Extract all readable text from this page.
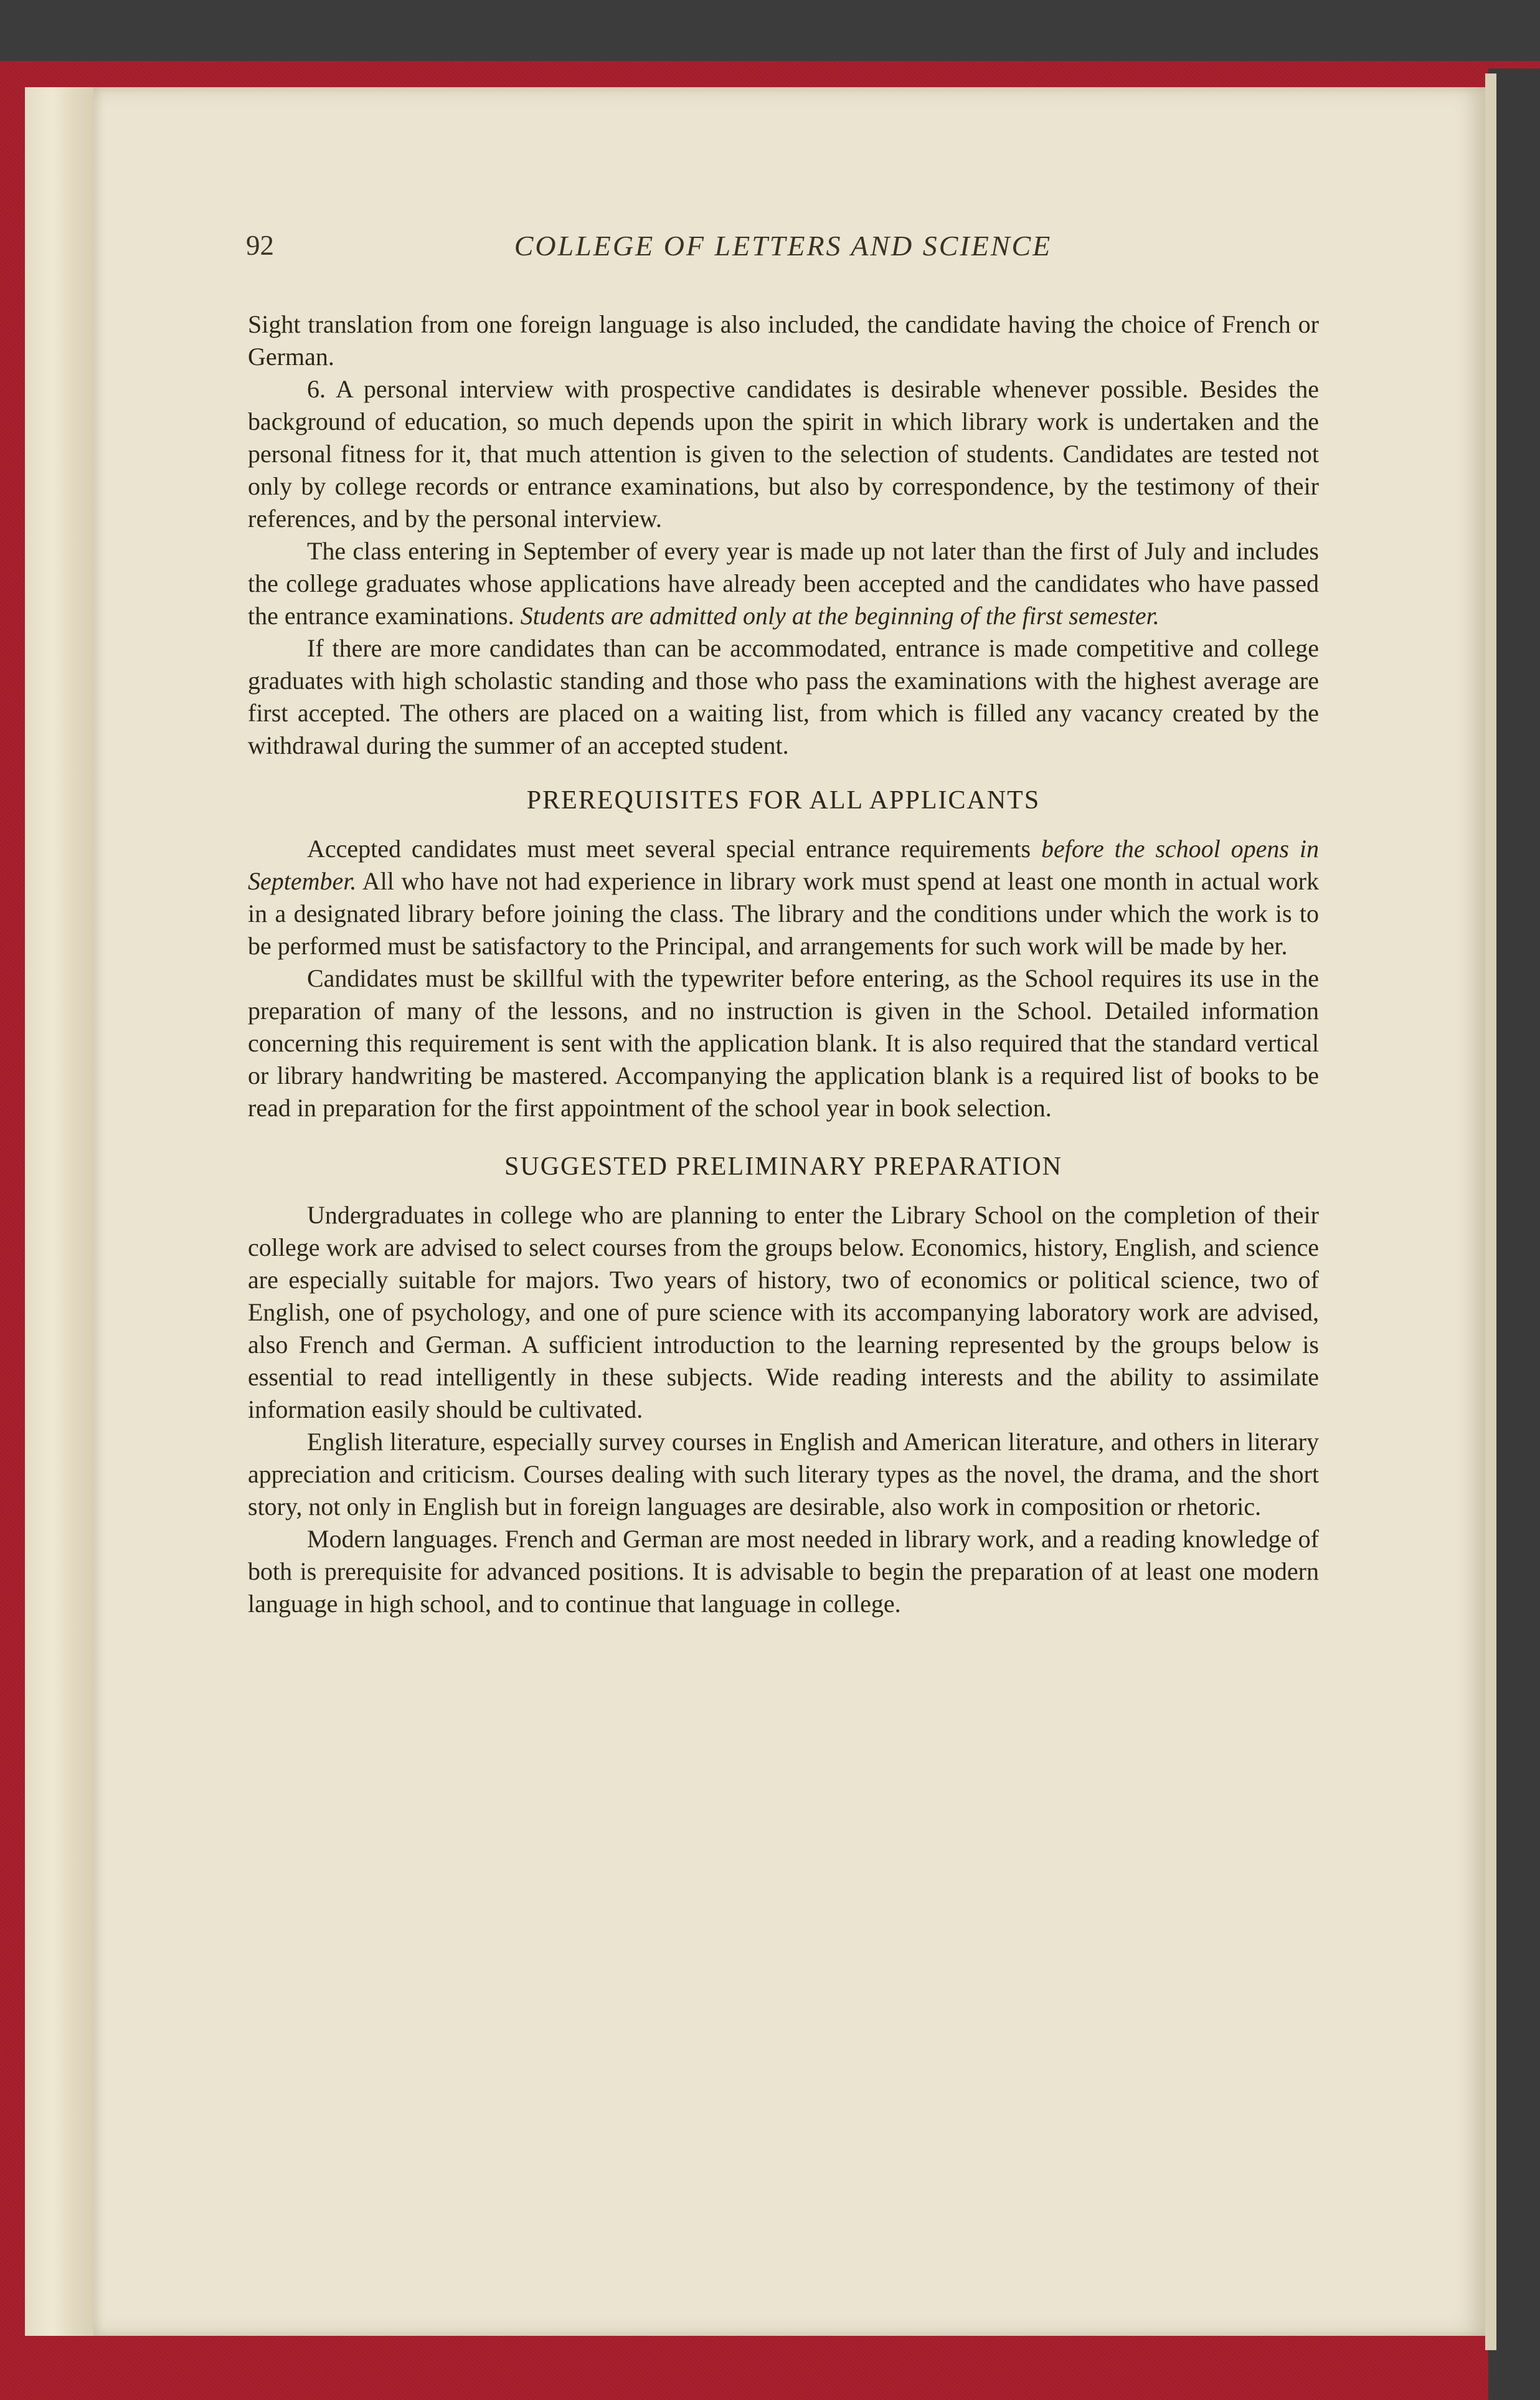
92	COLLEGE OF LETTERS AND SCIENCE

Sight translation from one foreign language is also included, the candidate having the choice of French or German.

6. A personal interview with prospective candidates is desirable whenever possible. Besides the background of education, so much depends upon the spirit in which library work is undertaken and the personal fitness for it, that much attention is given to the selection of students. Candidates are tested not only by college records or entrance examinations, but also by correspondence, by the testimony of their references, and by the personal interview.

The class entering in September of every year is made up not later than the first of July and includes the college graduates whose applications have already been accepted and the candidates who have passed the entrance examinations. Students are admitted only at the beginning of the first semester.

If there are more candidates than can be accommodated, entrance is made competitive and college graduates with high scholastic standing and those who pass the examinations with the highest average are first accepted. The others are placed on a waiting list, from which is filled any vacancy created by the withdrawal during the summer of an accepted student.

PREREQUISITES FOR ALL APPLICANTS

Accepted candidates must meet several special entrance requirements before the school opens in September. All who have not had experience in library work must spend at least one month in actual work in a designated library before joining the class. The library and the conditions under which the work is to be performed must be satisfactory to the Principal, and arrangements for such work will be made by her.

Candidates must be skillful with the typewriter before entering, as the School requires its use in the preparation of many of the lessons, and no instruction is given in the School. Detailed information concerning this requirement is sent with the application blank. It is also required that the standard vertical or library handwriting be mastered. Accompanying the application blank is a required list of books to be read in preparation for the first appointment of the school year in book selection.

SUGGESTED PRELIMINARY PREPARATION

Undergraduates in college who are planning to enter the Library School on the completion of their college work are advised to select courses from the groups below. Economics, history, English, and science are especially suitable for majors. Two years of history, two of economics or political science, two of English, one of psychology, and one of pure science with its accompanying laboratory work are advised, also French and German. A sufficient introduction to the learning represented by the groups below is essential to read intelligently in these subjects. Wide reading interests and the ability to assimilate information easily should be cultivated.

English literature, especially survey courses in English and American literature, and others in literary appreciation and criticism. Courses dealing with such literary types as the novel, the drama, and the short story, not only in English but in foreign languages are desirable, also work in composition or rhetoric.

Modern languages. French and German are most needed in library work, and a reading knowledge of both is prerequisite for advanced positions. It is advisable to begin the preparation of at least one modern language in high school, and to continue that language in college.
